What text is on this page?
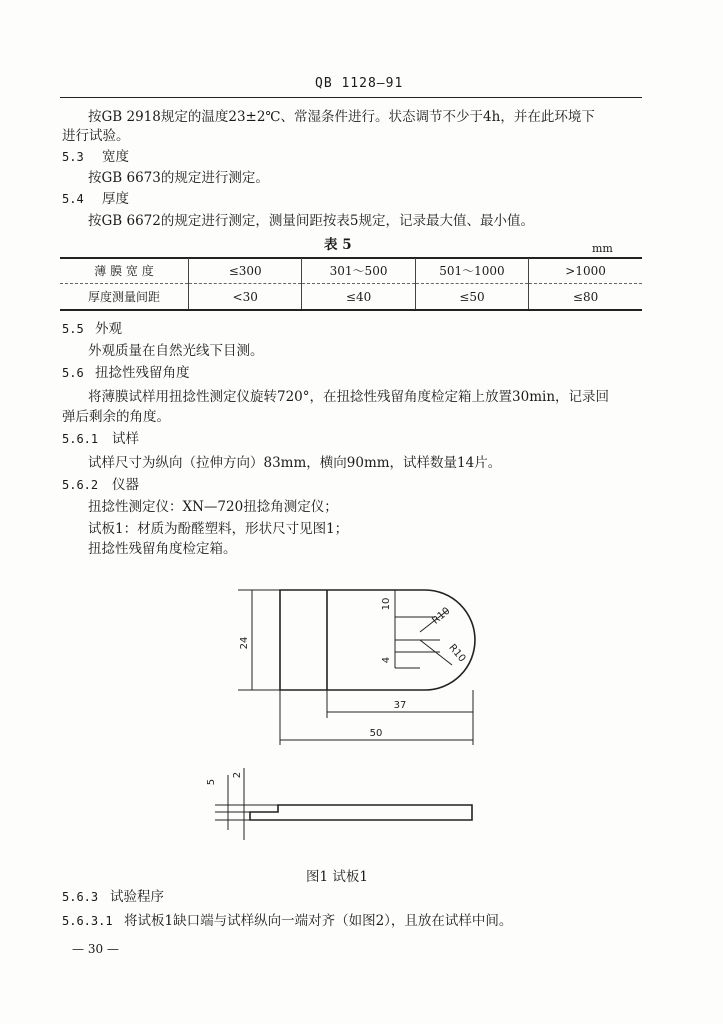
QB 1128—91
按GB 2918规定的温度23±2℃、常湿条件进行。状态调节不少于4h，并在此环境下
进行试验。
5.3 宽度
按GB 6673的规定进行测定。
5.4 厚度
按GB 6672的规定进行测定，测量间距按表5规定，记录最大值、最小值。
表 5	mm
薄 膜 宽 度	≤300	301～500	501～1000	>1000
厚度测量间距	<30	≤40	≤50	≤80
5.5 外观
外观质量在自然光线下目测。
5.6 扭捻性残留角度
将薄膜试样用扭捻性测定仪旋转720°，在扭捻性残留角度检定箱上放置30min，记录回
弹后剩余的角度。
5.6.1 试样
试样尺寸为纵向（拉伸方向）83mm，横向90mm，试样数量14片。
5.6.2 仪器
扭捻性测定仪：XN—720扭捻角测定仪；
试板1：材质为酚醛塑料，形状尺寸见图1；
扭捻性残留角度检定箱。
24
10
4
R10
R10
37
50
5
2
图1 试板1
5.6.3 试验程序
5.6.3.1 将试板1缺口端与试样纵向一端对齐（如图2），且放在试样中间。
— 30 —
